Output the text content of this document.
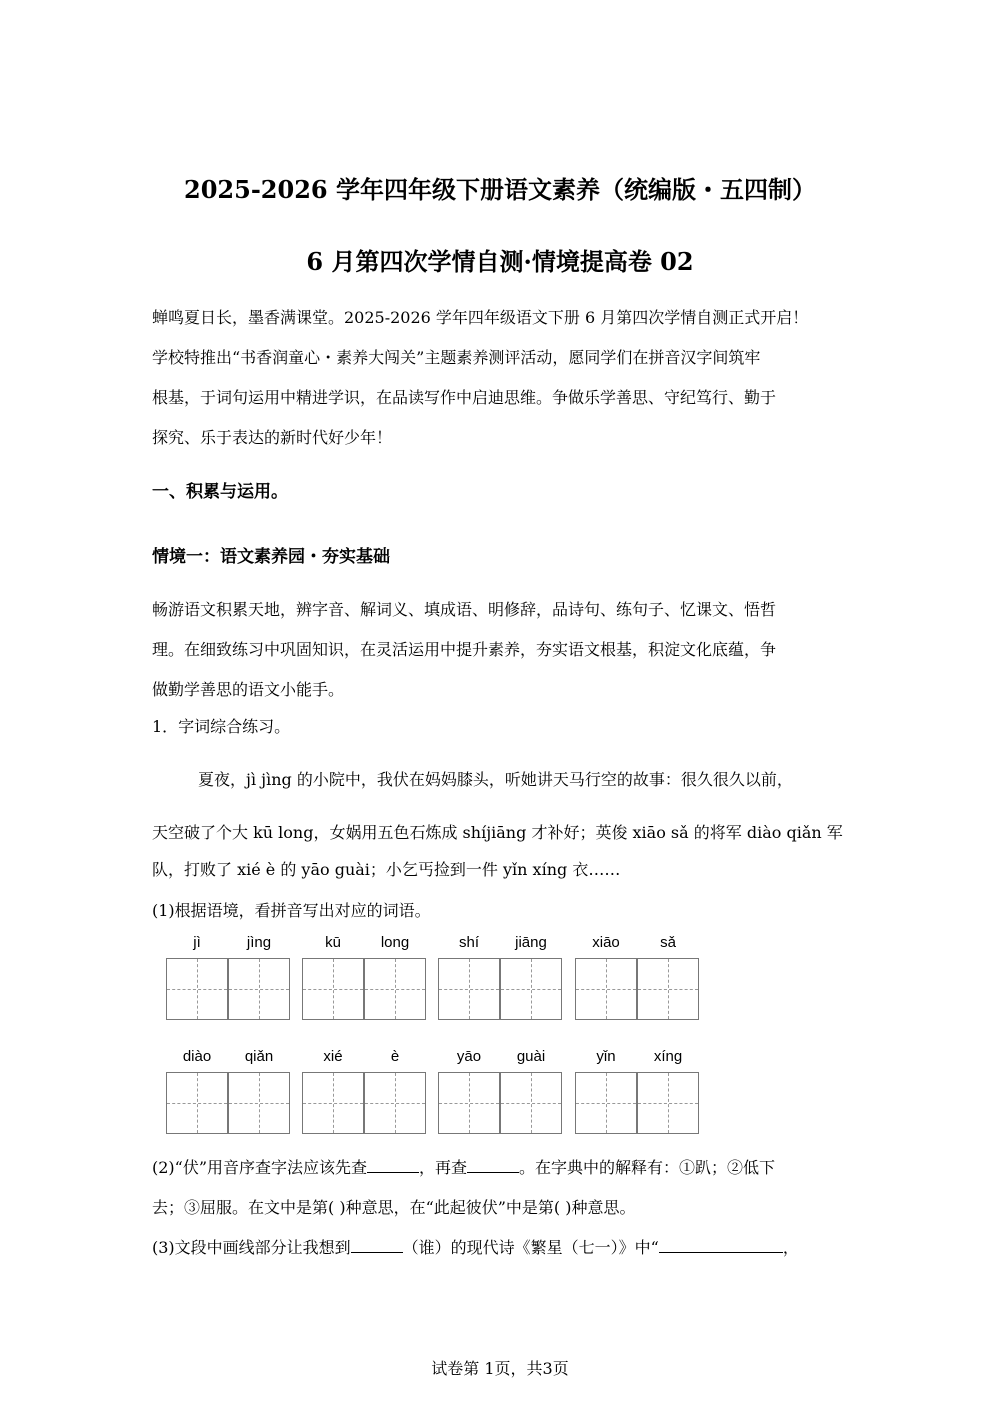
2025-2026 学年四年级下册语文素养（统编版・五四制）
6 月第四次学情自测·情境提高卷 02
蝉鸣夏日长，墨香满课堂。2025-2026 学年四年级语文下册 6 月第四次学情自测正式开启！
学校特推出“书香润童心・素养大闯关”主题素养测评活动，愿同学们在拼音汉字间筑牢
根基，于词句运用中精进学识，在品读写作中启迪思维。争做乐学善思、守纪笃行、勤于
探究、乐于表达的新时代好少年！
一、积累与运用。
情境一：语文素养园・夯实基础
畅游语文积累天地，辨字音、解词义、填成语、明修辞，品诗句、练句子、忆课文、悟哲
理。在细致练习中巩固知识，在灵活运用中提升素养，夯实语文根基，积淀文化底蕴，争
做勤学善思的语文小能手。
1．字词综合练习。
夏夜，jì jìng 的小院中，我伏在妈妈膝头，听她讲天马行空的故事：很久很久以前，
天空破了个大 kū long，女娲用五色石炼成 shíjiāng 才补好；英俊 xiāo sǎ 的将军 diào qiǎn 军
队，打败了 xié è 的 yāo guài；小乞丐捡到一件 yǐn xíng 衣……
(1)根据语境，看拼音写出对应的词语。
jì	jìng	kū	long	shí	jiāng	xiāo	sǎ
diào	qiǎn	xié	è	yāo	guài	yǐn	xíng
(2)“伏”用音序查字法应该先查	，再查	。在字典中的解释有：①趴；②低下
去；③屈服。在文中是第( )种意思，在“此起彼伏”中是第( )种意思。
(3)文段中画线部分让我想到	（谁）的现代诗《繁星（七一）》中“	，
试卷第 1页，共3页
